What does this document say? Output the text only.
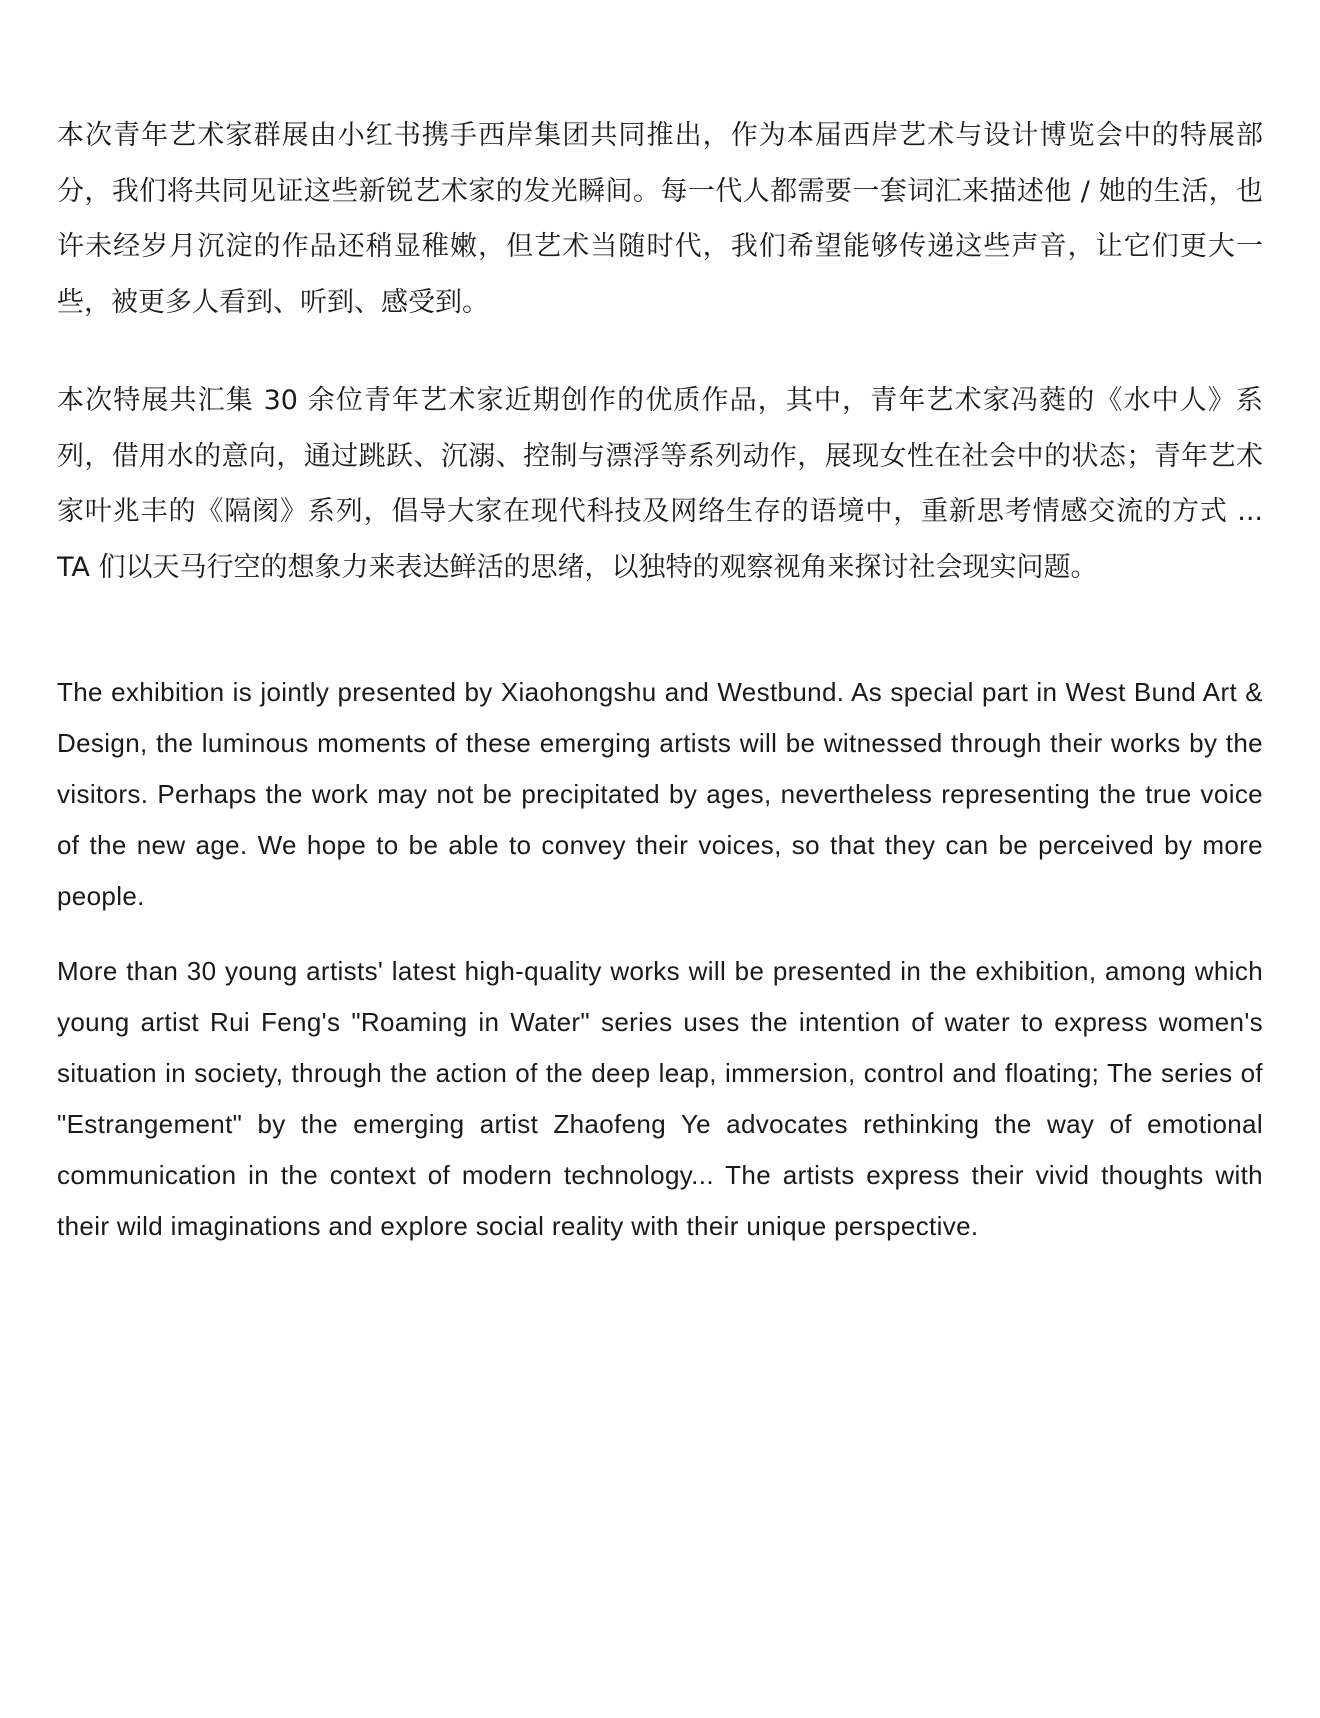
本次青年艺术家群展由小红书携手西岸集团共同推出，作为本届西岸艺术与设计博览会中的特展部分，我们将共同见证这些新锐艺术家的发光瞬间。每一代人都需要一套词汇来描述他 / 她的生活，也许未经岁月沉淀的作品还稍显稚嫩，但艺术当随时代，我们希望能够传递这些声音，让它们更大一些，被更多人看到、听到、感受到。

本次特展共汇集 30 余位青年艺术家近期创作的优质作品，其中，青年艺术家冯蕤的《水中人》系列，借用水的意向，通过跳跃、沉溺、控制与漂浮等系列动作，展现女性在社会中的状态；青年艺术家叶兆丰的《隔阂》系列，倡导大家在现代科技及网络生存的语境中，重新思考情感交流的方式 ... TA 们以天马行空的想象力来表达鲜活的思绪，以独特的观察视角来探讨社会现实问题。

The exhibition is jointly presented by Xiaohongshu and Westbund. As special part in West Bund Art & Design, the luminous moments of these emerging artists will be witnessed through their works by the visitors. Perhaps the work may not be precipitated by ages, nevertheless representing the true voice of the new age. We hope to be able to convey their voices, so that they can be perceived by more people.

More than 30 young artists' latest high-quality works will be presented in the exhibition, among which young artist Rui Feng's "Roaming in Water" series uses the intention of water to express women's situation in society, through the action of the deep leap, immersion, control and floating; The series of "Estrangement" by the emerging artist Zhaofeng Ye advocates rethinking the way of emotional communication in the context of modern technology... The artists express their vivid thoughts with their wild imaginations and explore social reality with their unique perspective.
